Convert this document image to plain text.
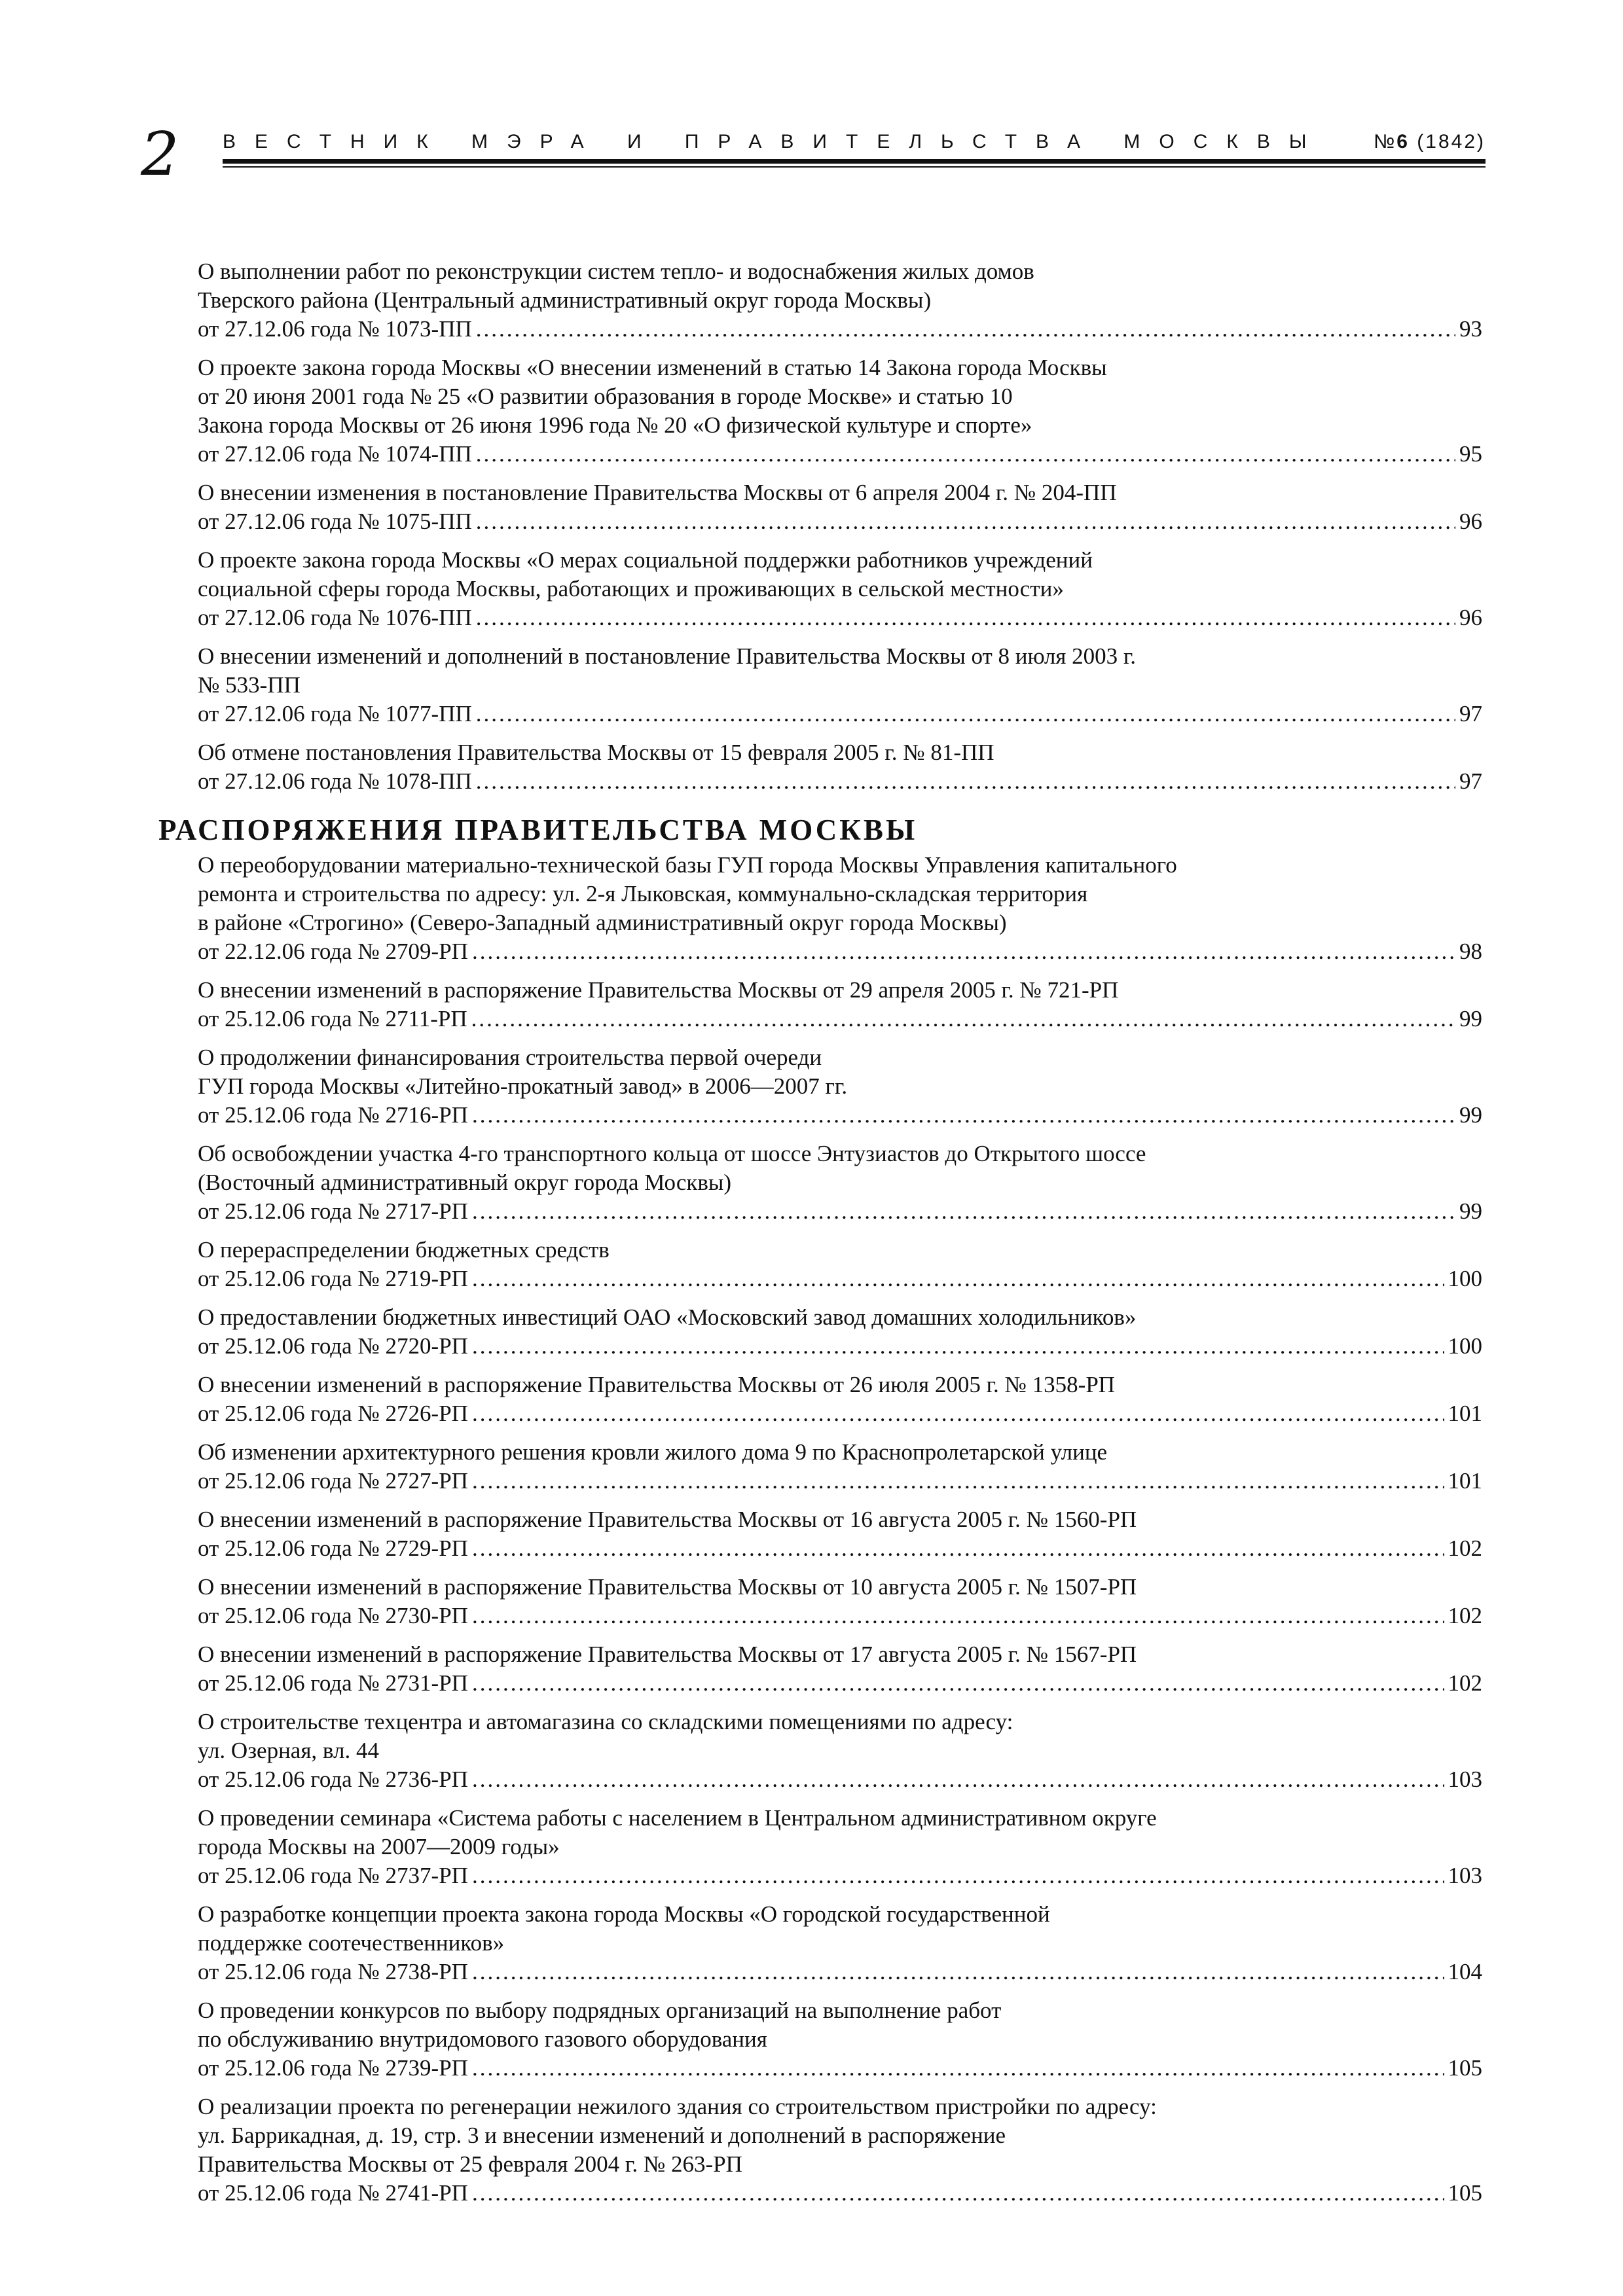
2 ВЕСТНИК МЭРА И ПРАВИТЕЛЬСТВА МОСКВЫ №6 (1842)
О выполнении работ по реконструкции систем тепло- и водоснабжения жилых домов
Тверского района (Центральный административный округ города Москвы)
от 27.12.06 года № 1073-ПП .....	93
О проекте закона города Москвы «О внесении изменений в статью 14 Закона города Москвы
от 20 июня 2001 года № 25 «О развитии образования в городе Москве» и статью 10
Закона города Москвы от 26 июня 1996 года № 20 «О физической культуре и спорте»
от 27.12.06 года № 1074-ПП .....	95
О внесении изменения в постановление Правительства Москвы от 6 апреля 2004 г. № 204-ПП
от 27.12.06 года № 1075-ПП .....	96
О проекте закона города Москвы «О мерах социальной поддержки работников учреждений
социальной сферы города Москвы, работающих и проживающих в сельской местности»
от 27.12.06 года № 1076-ПП .....	96
О внесении изменений и дополнений в постановление Правительства Москвы от 8 июля 2003 г.
№ 533-ПП
от 27.12.06 года № 1077-ПП .....	97
Об отмене постановления Правительства Москвы от 15 февраля 2005 г. № 81-ПП
от 27.12.06 года № 1078-ПП .....	97
РАСПОРЯЖЕНИЯ ПРАВИТЕЛЬСТВА МОСКВЫ
О переоборудовании материально-технической базы ГУП города Москвы Управления капитального
ремонта и строительства по адресу: ул. 2-я Лыковская, коммунально-складская территория
в районе «Строгино» (Северо-Западный административный округ города Москвы)
от 22.12.06 года № 2709-РП .....	98
О внесении изменений в распоряжение Правительства Москвы от 29 апреля 2005 г. № 721-РП
от 25.12.06 года № 2711-РП .....	99
О продолжении финансирования строительства первой очереди
ГУП города Москвы «Литейно-прокатный завод» в 2006—2007 гг.
от 25.12.06 года № 2716-РП .....	99
Об освобождении участка 4-го транспортного кольца от шоссе Энтузиастов до Открытого шоссе
(Восточный административный округ города Москвы)
от 25.12.06 года № 2717-РП .....	99
О перераспределении бюджетных средств
от 25.12.06 года № 2719-РП .....	100
О предоставлении бюджетных инвестиций ОАО «Московский завод домашних холодильников»
от 25.12.06 года № 2720-РП .....	100
О внесении изменений в распоряжение Правительства Москвы от 26 июля 2005 г. № 1358-РП
от 25.12.06 года № 2726-РП .....	101
Об изменении архитектурного решения кровли жилого дома 9 по Краснопролетарской улице
от 25.12.06 года № 2727-РП .....	101
О внесении изменений в распоряжение Правительства Москвы от 16 августа 2005 г. № 1560-РП
от 25.12.06 года № 2729-РП .....	102
О внесении изменений в распоряжение Правительства Москвы от 10 августа 2005 г. № 1507-РП
от 25.12.06 года № 2730-РП .....	102
О внесении изменений в распоряжение Правительства Москвы от 17 августа 2005 г. № 1567-РП
от 25.12.06 года № 2731-РП .....	102
О строительстве техцентра и автомагазина со складскими помещениями по адресу:
ул. Озерная, вл. 44
от 25.12.06 года № 2736-РП .....	103
О проведении семинара «Система работы с населением в Центральном административном округе
города Москвы на 2007—2009 годы»
от 25.12.06 года № 2737-РП .....	103
О разработке концепции проекта закона города Москвы «О городской государственной
поддержке соотечественников»
от 25.12.06 года № 2738-РП .....	104
О проведении конкурсов по выбору подрядных организаций на выполнение работ
по обслуживанию внутридомового газового оборудования
от 25.12.06 года № 2739-РП .....	105
О реализации проекта по регенерации нежилого здания со строительством пристройки по адресу:
ул. Баррикадная, д. 19, стр. 3 и внесении изменений и дополнений в распоряжение
Правительства Москвы от 25 февраля 2004 г. № 263-РП
от 25.12.06 года № 2741-РП .....	105
